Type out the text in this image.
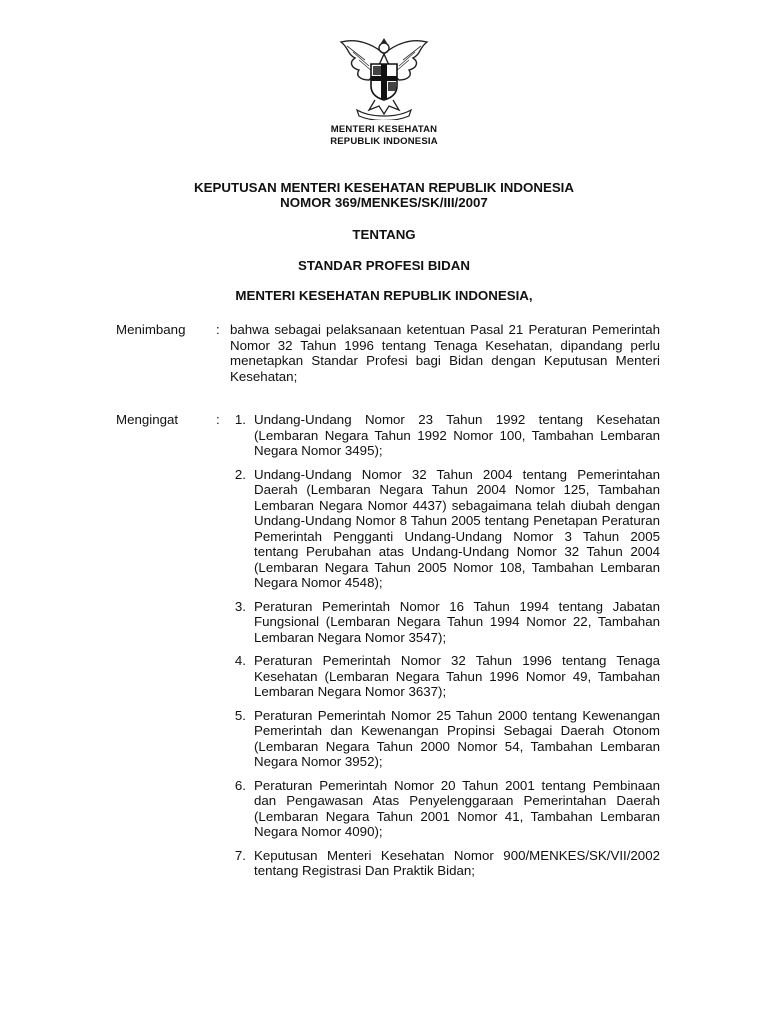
MENTERI KESEHATAN
REPUBLIK INDONESIA
KEPUTUSAN MENTERI KESEHATAN REPUBLIK INDONESIA
NOMOR 369/MENKES/SK/III/2007
TENTANG
STANDAR PROFESI BIDAN
MENTERI KESEHATAN REPUBLIK INDONESIA,
Menimbang : bahwa sebagai pelaksanaan ketentuan Pasal 21 Peraturan Pemerintah Nomor 32 Tahun 1996 tentang Tenaga Kesehatan, dipandang perlu menetapkan Standar Profesi bagi Bidan dengan Keputusan Menteri Kesehatan;
Mengingat	:	1. Undang-Undang Nomor 23 Tahun 1992 tentang Kesehatan (Lembaran Negara Tahun 1992 Nomor 100, Tambahan Lembaran Negara Nomor 3495);
2. Undang-Undang Nomor 32 Tahun 2004 tentang Pemerintahan Daerah (Lembaran Negara Tahun 2004 Nomor 125, Tambahan Lembaran Negara Nomor 4437) sebagaimana telah diubah dengan Undang-Undang Nomor 8 Tahun 2005 tentang Penetapan Peraturan Pemerintah Pengganti Undang-Undang Nomor 3 Tahun 2005 tentang Perubahan atas Undang-Undang Nomor 32 Tahun 2004 (Lembaran Negara Tahun 2005 Nomor 108, Tambahan Lembaran Negara Nomor 4548);
3. Peraturan Pemerintah Nomor 16 Tahun 1994 tentang Jabatan Fungsional (Lembaran Negara Tahun 1994 Nomor 22, Tambahan Lembaran Negara Nomor 3547);
4. Peraturan Pemerintah Nomor 32 Tahun 1996 tentang Tenaga Kesehatan (Lembaran Negara Tahun 1996 Nomor 49, Tambahan Lembaran Negara Nomor 3637);
5. Peraturan Pemerintah Nomor 25 Tahun 2000 tentang Kewenangan Pemerintah dan Kewenangan Propinsi Sebagai Daerah Otonom (Lembaran Negara Tahun 2000 Nomor 54, Tambahan Lembaran Negara Nomor 3952);
6. Peraturan Pemerintah Nomor 20 Tahun 2001 tentang Pembinaan dan Pengawasan Atas Penyelenggaraan Pemerintahan Daerah (Lembaran Negara Tahun 2001 Nomor 41, Tambahan Lembaran Negara Nomor 4090);
7. Keputusan Menteri Kesehatan Nomor 900/MENKES/SK/VII/2002 tentang Registrasi Dan Praktik Bidan;
